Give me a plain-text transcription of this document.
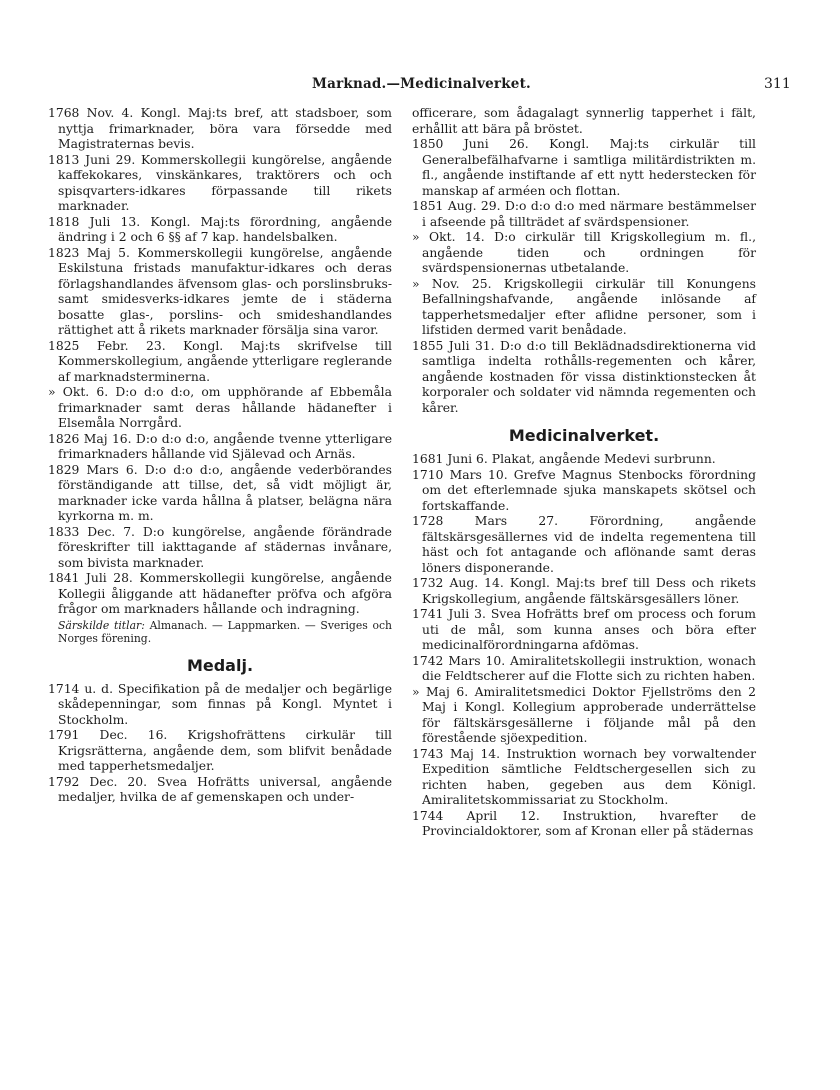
Marknad.—Medicinalverket.	311

1768 Nov. 4. Kongl. Maj:ts bref, att stadsboer, som nyttja frimarknader, böra vara försedde med Magistraternas bevis.

1813 Juni 29. Kommerskollegii kungörelse, angående kaffekokares, vinskänkares, traktörers och och spisqvarters-idkares förpassande till rikets marknader.

1818 Juli 13. Kongl. Maj:ts förordning, angående ändring i 2 och 6 §§ af 7 kap. handelsbalken.

1823 Maj 5. Kommerskollegii kungörelse, angående Eskilstuna fristads manufaktur-idkares och deras förlagshandlandes äfvensom glas- och porslinsbruks- samt smidesverks-idkares jemte de i städerna bosatte glas-, porslins- och smideshandlandes rättighet att å rikets marknader försälja sina varor.

1825 Febr. 23. Kongl. Maj:ts skrifvelse till Kommerskollegium, angående ytterligare reglerande af marknadsterminerna.

» Okt. 6. D:o d:o d:o, om upphörande af Ebbemåla frimarknader samt deras hållande hädanefter i Elsemåla Norrgård.

1826 Maj 16. D:o d:o d:o, angående tvenne ytterligare frimarknaders hållande vid Själevad och Arnäs.

1829 Mars 6. D:o d:o d:o, angående vederbörandes förständigande att tillse, det, så vidt möjligt är, marknader icke varda hållna å platser, belägna nära kyrkorna m. m.

1833 Dec. 7. D:o kungörelse, angående förändrade föreskrifter till iakttagande af städernas invånare, som bivista marknader.

1841 Juli 28. Kommerskollegii kungörelse, angående Kollegii åliggande att hädanefter pröfva och afgöra frågor om marknaders hållande och indragning.

Särskilde titlar: Almanach. — Lappmarken. — Sveriges och Norges förening.

Medalj.

1714 u. d. Specifikation på de medaljer och begärlige skådepenningar, som finnas på Kongl. Myntet i Stockholm.

1791 Dec. 16. Krigshofrättens cirkulär till Krigsrätterna, angående dem, som blifvit benådade med tapperhetsmedaljer.

1792 Dec. 20. Svea Hofrätts universal, angående medaljer, hvilka de af gemenskapen och under-

officerare, som ådagalagt synnerlig tapperhet i fält, erhållit att bära på bröstet.

1850 Juni 26. Kongl. Maj:ts cirkulär till Generalbefälhafvarne i samtliga militärdistrikten m. fl., angående instiftande af ett nytt hederstecken för manskap af arméen och flottan.

1851 Aug. 29. D:o d:o d:o med närmare bestämmelser i afseende på tillträdet af svärdspensioner.

» Okt. 14. D:o cirkulär till Krigskollegium m. fl., angående tiden och ordningen för svärdspensionernas utbetalande.

» Nov. 25. Krigskollegii cirkulär till Konungens Befallningshafvande, angående inlösande af tapperhetsmedaljer efter aflidne personer, som i lifstiden dermed varit benådade.

1855 Juli 31. D:o d:o till Beklädnadsdirektionerna vid samtliga indelta rothålls-regementen och kårer, angående kostnaden för vissa distinktionstecken åt korporaler och soldater vid nämnda regementen och kårer.

Medicinalverket.

1681 Juni 6. Plakat, angående Medevi surbrunn.

1710 Mars 10. Grefve Magnus Stenbocks förordning om det efterlemnade sjuka manskapets skötsel och fortskaffande.

1728 Mars 27. Förordning, angående fältskärsgesällernes vid de indelta regementena till häst och fot antagande och aflönande samt deras löners disponerande.

1732 Aug. 14. Kongl. Maj:ts bref till Dess och rikets Krigskollegium, angående fältskärsgesällers löner.

1741 Juli 3. Svea Hofrätts bref om process och forum uti de mål, som kunna anses och böra efter medicinalförordningarna afdömas.

1742 Mars 10. Amiralitetskollegii instruktion, wonach die Feldtscherer auf die Flotte sich zu richten haben.

» Maj 6. Amiralitetsmedici Doktor Fjellströms den 2 Maj i Kongl. Kollegium approberade underrättelse för fältskärsgesällerne i följande mål på den förestående sjöexpedition.

1743 Maj 14. Instruktion wornach bey vorwaltender Expedition sämtliche Feldtschergesellen sich zu richten haben, gegeben aus dem Königl. Amiralitetskommissariat zu Stockholm.

1744 April 12. Instruktion, hvarefter de Provincialdoktorer, som af Kronan eller på städernas
